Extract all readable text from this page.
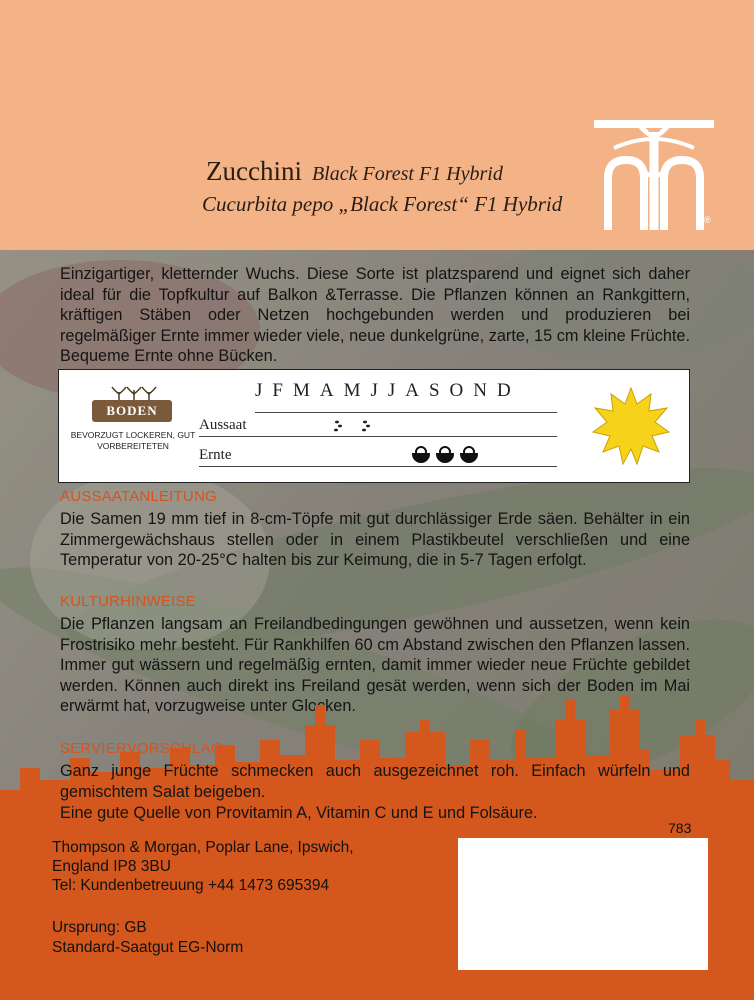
Zucchini Black Forest F1 Hybrid
Cucurbita pepo „Black Forest“ F1 Hybrid
®
Einzigartiger, kletternder Wuchs. Diese Sorte ist platzsparend und eignet sich daher ideal für die Topfkultur auf Balkon &Terrasse. Die Pflanzen können an Rankgittern, kräftigen Stäben oder Netzen hochgebunden werden und produzieren bei regelmäßiger Ernte immer wieder viele, neue dunkelgrüne, zarte, 15 cm kleine Früchte. Bequeme Ernte ohne Bücken.
BODEN
BEVORZUGT LOCKEREN, GUT VORBEREITETEN
JFMAMJJASOND
Aussaat
Ernte
AUSSAATANLEITUNG
Die Samen 19 mm tief in 8-cm-Töpfe mit gut durchlässiger Erde säen. Behälter in ein Zimmergewächshaus stellen oder in einem Plastikbeutel verschließen und eine Temperatur von 20-25°C halten bis zur Keimung, die in 5-7 Tagen erfolgt.
KULTURHINWEISE
Die Pflanzen langsam an Freilandbedingungen gewöhnen und aussetzen, wenn kein Frostrisiko mehr besteht. Für Rankhilfen 60 cm Abstand zwischen den Pflanzen lassen. Immer gut wässern und regelmäßig ernten, damit immer wieder neue Früchte gebildet werden. Können auch direkt ins Freiland gesät werden, wenn sich der Boden im Mai erwärmt hat, vorzugweise unter Glocken.
SERVIERVORSCHLAG
Ganz junge Früchte schmecken auch ausgezeichnet roh. Einfach würfeln und gemischtem Salat beigeben.
Eine gute Quelle von Provitamin A, Vitamin C und E und Folsäure.
783
Thompson & Morgan, Poplar Lane, Ipswich,
England IP8 3BU
Tel: Kundenbetreuung +44 1473 695394
Ursprung: GB
Standard-Saatgut EG-Norm
